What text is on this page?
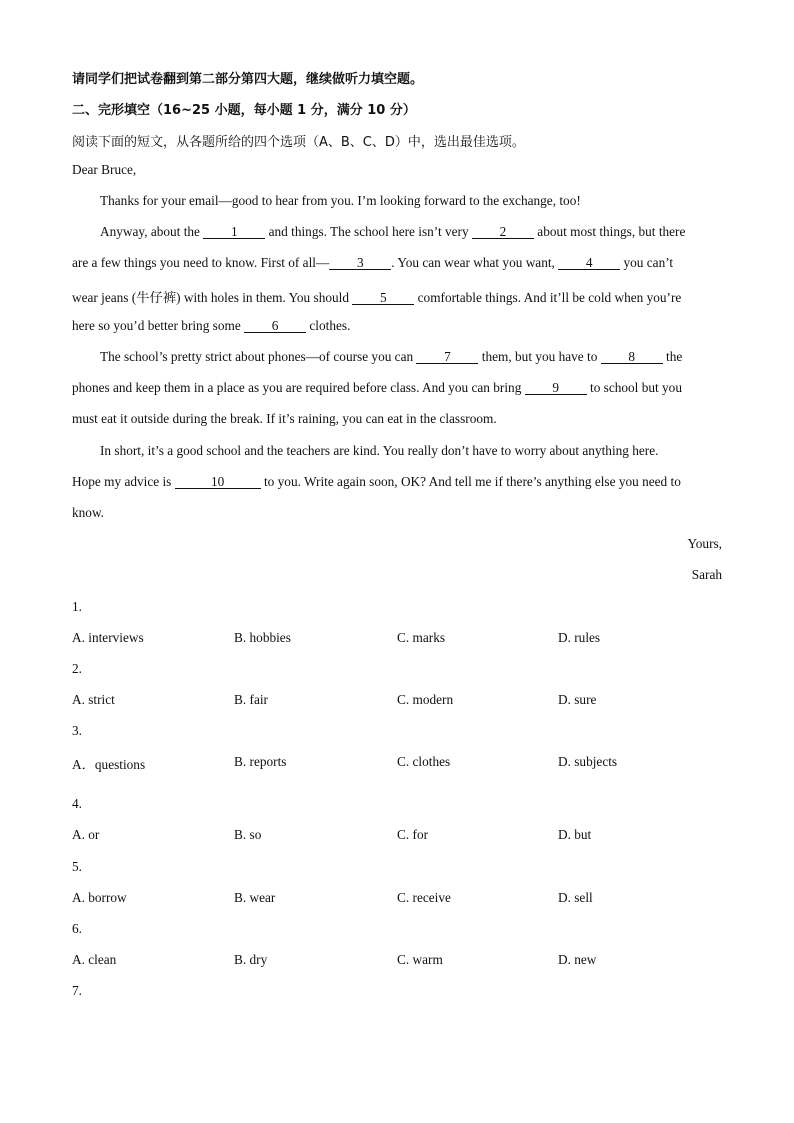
请同学们把试卷翻到第二部分第四大题，继续做听力填空题。
二、完形填空（16~25 小题，每小题 1 分，满分 10 分）
阅读下面的短文，从各题所给的四个选项（A、B、C、D）中，选出最佳选项。
Dear Bruce,
Thanks for your email—good to hear from you. I’m looking forward to the exchange, too!
Anyway, about the 1 and things. The school here isn’t very 2 about most things, but there
are a few things you need to know. First of all— 3 . You can wear what you want, 4 you can’t
wear jeans (牛仔裤) with holes in them. You should 5 comfortable things. And it’ll be cold when you’re
here so you’d better bring some 6 clothes.
The school’s pretty strict about phones—of course you can 7 them, but you have to 8 the
phones and keep them in a place as you are required before class. And you can bring 9 to school but you
must eat it outside during the break. If it’s raining, you can eat in the classroom.
In short, it’s a good school and the teachers are kind. You really don’t have to worry about anything here.
Hope my advice is	10	to you. Write again soon, OK? And tell me if there’s anything else you need to
know.
Yours,
Sarah
1.
A. interviews	B. hobbies	C. marks	D. rules
2.
A. strict	B. fair	C. modern	D. sure
3.
A．questions	B. reports	C. clothes	D. subjects
4.
A. or	B. so	C. for	D. but
5.
A. borrow	B. wear	C. receive	D. sell
6.
A. clean	B. dry	C. warm	D. new
7.
